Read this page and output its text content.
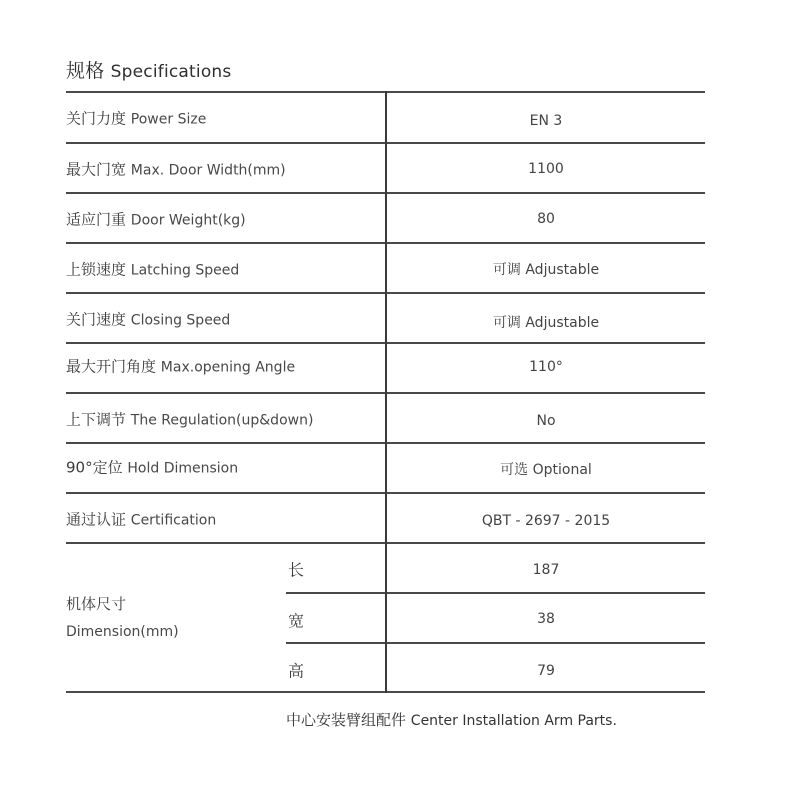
规格 Specifications
关门力度 Power Size	EN 3
最大门宽 Max. Door Width(mm)	1100
适应门重 Door Weight(kg)	80
上锁速度 Latching Speed	可调 Adjustable
关门速度 Closing Speed	可调 Adjustable
最大开门角度 Max.opening Angle	110°
上下调节 The Regulation(up&down)	No
90°定位 Hold Dimension	可选 Optional
通过认证 Certification	QBT - 2697 - 2015
机体尺寸
Dimension(mm)
长	187
宽	38
高	79
中心安装臂组配件 Center Installation Arm Parts.
